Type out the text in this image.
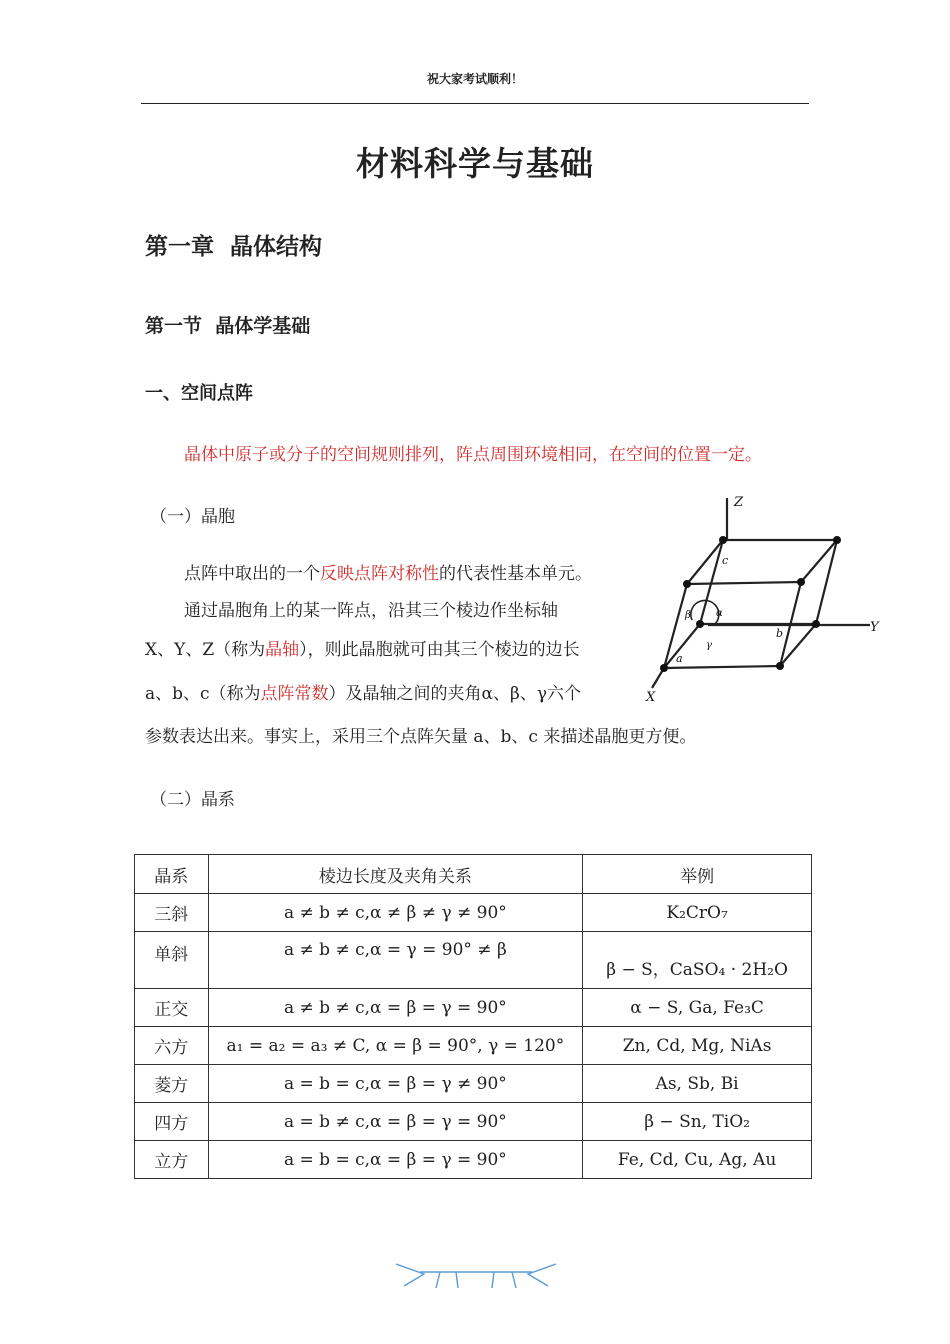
祝大家考试顺利！
材料科学与基础
第一章  晶体结构
第一节  晶体学基础
一、空间点阵
晶体中原子或分子的空间规则排列，阵点周围环境相同，在空间的位置一定。
（一）晶胞
点阵中取出的一个反映点阵对称性的代表性基本单元。
通过晶胞角上的某一阵点，沿其三个棱边作坐标轴
X、Y、Z（称为晶轴），则此晶胞就可由其三个棱边的边长
a、b、c（称为点阵常数）及晶轴之间的夹角α、β、γ六个
参数表达出来。事实上，采用三个点阵矢量 a、b、c 来描述晶胞更方便。
Z
Y
X
a
b
c
α
β
γ
（二）晶系
晶系	棱边长度及夹角关系	举例
三斜	a ≠ b ≠ c,α ≠ β ≠ γ ≠ 90°	K₂CrO₇
单斜	a ≠ b ≠ c,α = γ = 90° ≠ β	β − S，CaSO₄ · 2H₂O
正交	a ≠ b ≠ c,α = β = γ = 90°	α − S, Ga, Fe₃C
六方	a₁ = a₂ = a₃ ≠ C, α = β = 90°, γ = 120°	Zn, Cd, Mg, NiAs
菱方	a = b = c,α = β = γ ≠ 90°	As, Sb, Bi
四方	a = b ≠ c,α = β = γ = 90°	β − Sn, TiO₂
立方	a = b = c,α = β = γ = 90°	Fe, Cd, Cu, Ag, Au
